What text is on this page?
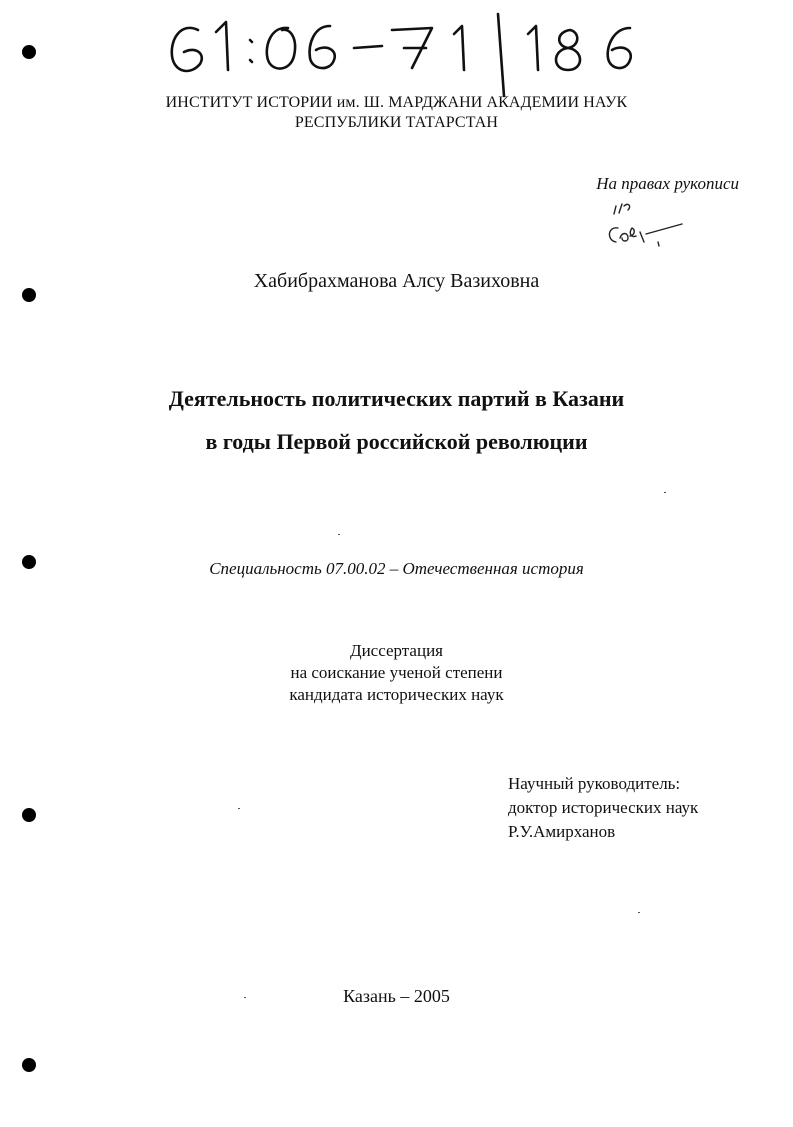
ИНСТИТУТ ИСТОРИИ им. Ш. МАРДЖАНИ АКАДЕМИИ НАУК
РЕСПУБЛИКИ ТАТАРСТАН
На правах рукописи
Хабибрахманова Алсу Вазиховна
Деятельность политических партий в Казани
в годы Первой российской революции
Специальность 07.00.02 – Отечественная история
Диссертация
на соискание ученой степени
кандидата исторических наук
Научный руководитель:
доктор исторических наук
Р.У.Амирханов
Казань – 2005
